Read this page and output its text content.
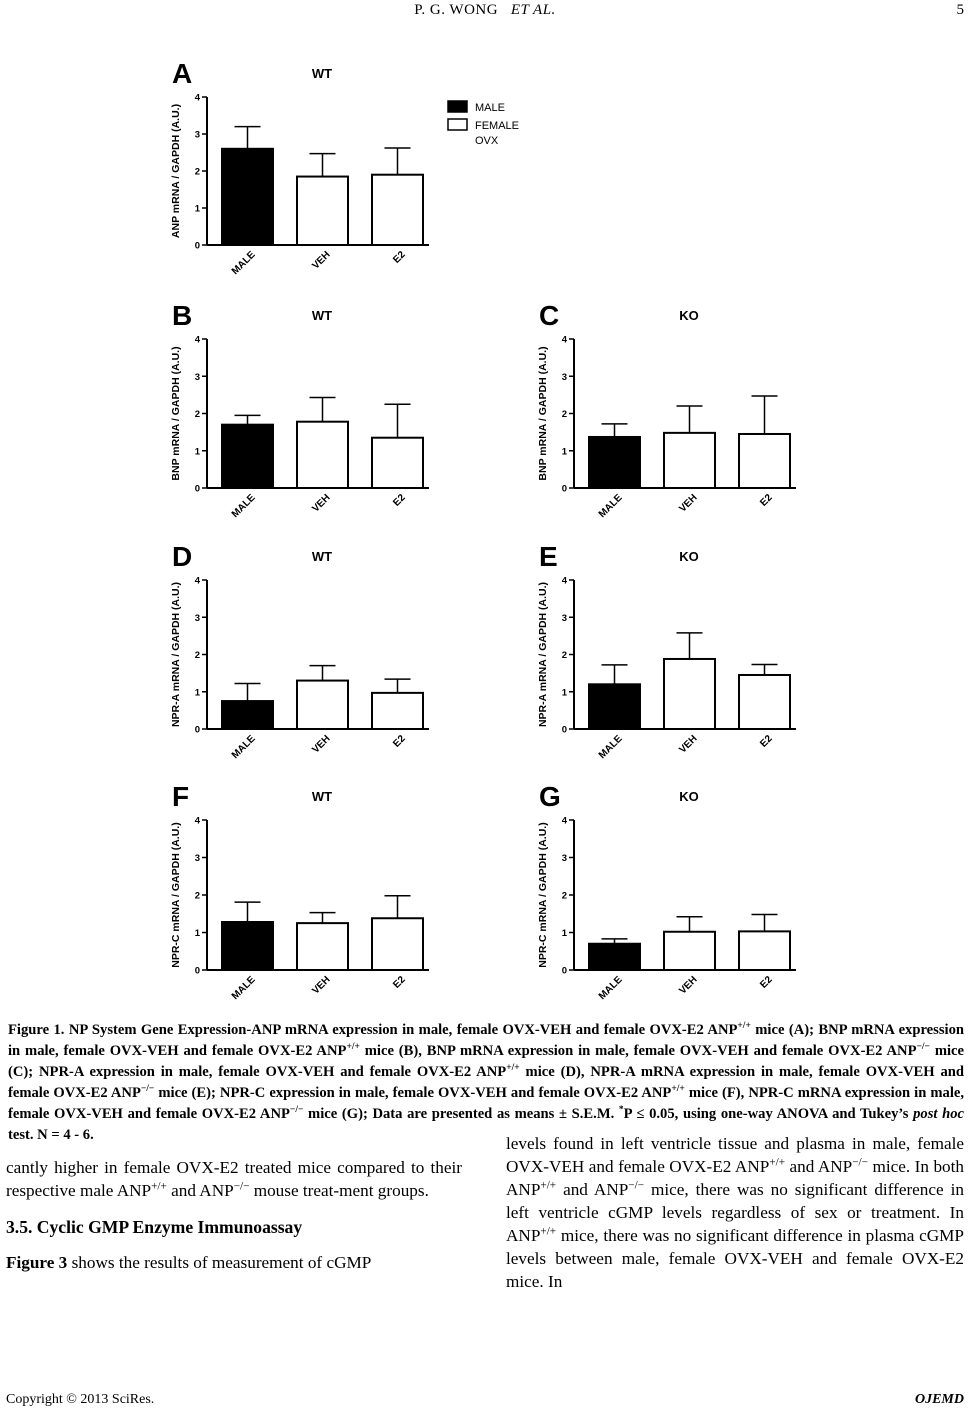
P. G. WONG ET AL.	5
A	WT
0
1
2
3
4
ANP mRNA / GAPDH (A.U.)
MALE	VEH	E2
B	WT
0
1
2
3
4
BNP mRNA / GAPDH (A.U.)
MALE	VEH	E2
C	KO
0
1
2
3
4
BNP mRNA / GAPDH (A.U.)
MALE	VEH	E2
D	WT
0
1
2
3
4
NPR-A mRNA / GAPDH (A.U.)
MALE	VEH	E2
E	KO
0
1
2
3
4
NPR-A mRNA / GAPDH (A.U.)
MALE	VEH	E2
F	WT
0
1
2
3
4
NPR-C mRNA / GAPDH (A.U.)
MALE	VEH	E2
G	KO
0
1
2
3
4
NPR-C mRNA / GAPDH (A.U.)
MALE	VEH	E2
MALE
FEMALE
OVX
Figure 1. NP System Gene Expression-ANP mRNA expression in male, female OVX-VEH and female OVX-E2 ANP+/+ mice (A); BNP mRNA expression in male, female OVX-VEH and female OVX-E2 ANP+/+ mice (B), BNP mRNA expression in male, female OVX-VEH and female OVX-E2 ANP−/− mice (C); NPR-A expression in male, female OVX-VEH and female OVX-E2 ANP+/+ mice (D), NPR-A mRNA expression in male, female OVX-VEH and female OVX-E2 ANP−/− mice (E); NPR-C expression in male, female OVX-VEH and female OVX-E2 ANP+/+ mice (F), NPR-C mRNA expression in male, female OVX-VEH and female OVX-E2 ANP−/− mice (G); Data are presented as means ± S.E.M. *P ≤ 0.05, using one-way ANOVA and Tukey’s post hoc test. N = 4 - 6.

cantly higher in female OVX-E2 treated mice compared to their respective male ANP+/+ and ANP−/− mouse treat-ment groups.

3.5. Cyclic GMP Enzyme Immunoassay

Figure 3 shows the results of measurement of cGMP

levels found in left ventricle tissue and plasma in male, female OVX-VEH and female OVX-E2 ANP+/+ and ANP−/− mice. In both ANP+/+ and ANP−/− mice, there was no significant difference in left ventricle cGMP levels regardless of sex or treatment. In ANP+/+ mice, there was no significant difference in plasma cGMP levels between male, female OVX-VEH and female OVX-E2 mice. In

Copyright © 2013 SciRes.	OJEMD
